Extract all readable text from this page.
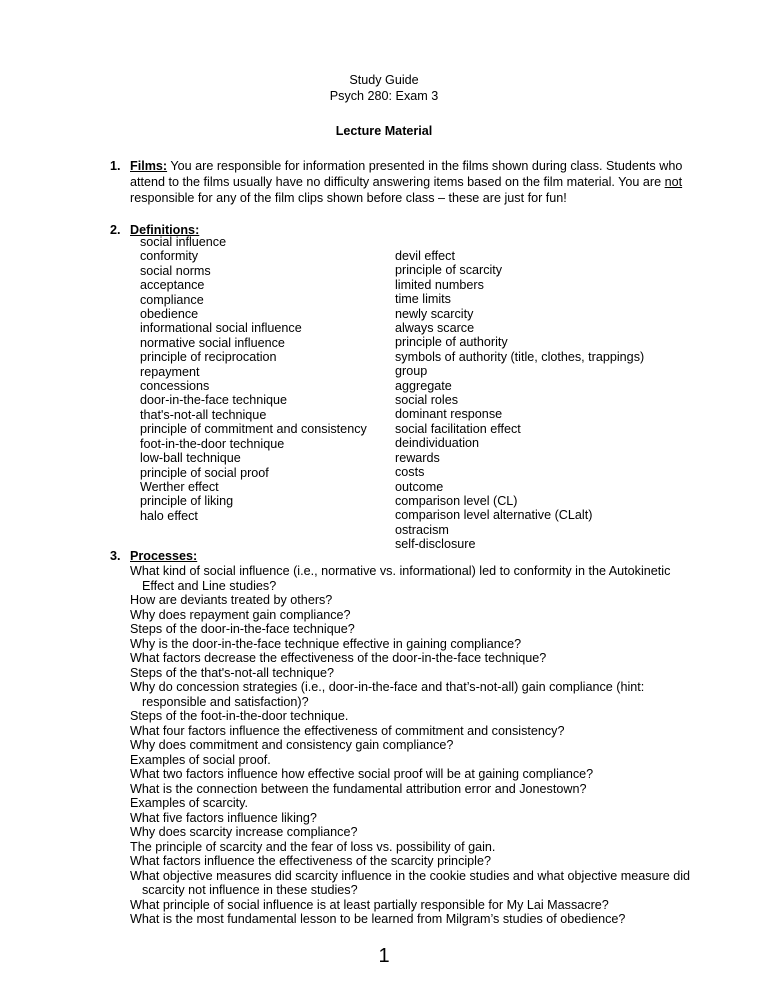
Study Guide
Psych 280: Exam 3
Lecture Material
1. Films: You are responsible for information presented in the films shown during class. Students who attend to the films usually have no difficulty answering items based on the film material. You are not responsible for any of the film clips shown before class – these are just for fun!
2. Definitions:
social influence
conformity
social norms
acceptance
compliance
obedience
informational social influence
normative social influence
principle of reciprocation
repayment
concessions
door-in-the-face technique
that's-not-all technique
principle of commitment and consistency
foot-in-the-door technique
low-ball technique
principle of social proof
Werther effect
principle of liking
halo effect
devil effect
principle of scarcity
limited numbers
time limits
newly scarcity
always scarce
principle of authority
symbols of authority (title, clothes, trappings)
group
aggregate
social roles
dominant response
social facilitation effect
deindividuation
rewards
costs
outcome
comparison level (CL)
comparison level alternative (CLalt)
ostracism
self-disclosure
3. Processes:
What kind of social influence (i.e., normative vs. informational) led to conformity in the Autokinetic Effect and Line studies?
How are deviants treated by others?
Why does repayment gain compliance?
Steps of the door-in-the-face technique?
Why is the door-in-the-face technique effective in gaining compliance?
What factors decrease the effectiveness of the door-in-the-face technique?
Steps of the that's-not-all technique?
Why do concession strategies (i.e., door-in-the-face and that’s-not-all) gain compliance (hint: responsible and satisfaction)?
Steps of the foot-in-the-door technique.
What four factors influence the effectiveness of commitment and consistency?
Why does commitment and consistency gain compliance?
Examples of social proof.
What two factors influence how effective social proof will be at gaining compliance?
What is the connection between the fundamental attribution error and Jonestown?
Examples of scarcity.
What five factors influence liking?
Why does scarcity increase compliance?
The principle of scarcity and the fear of loss vs. possibility of gain.
What factors influence the effectiveness of the scarcity principle?
What objective measures did scarcity influence in the cookie studies and what objective measure did scarcity not influence in these studies?
What principle of social influence is at least partially responsible for My Lai Massacre?
What is the most fundamental lesson to be learned from Milgram’s studies of obedience?
1
